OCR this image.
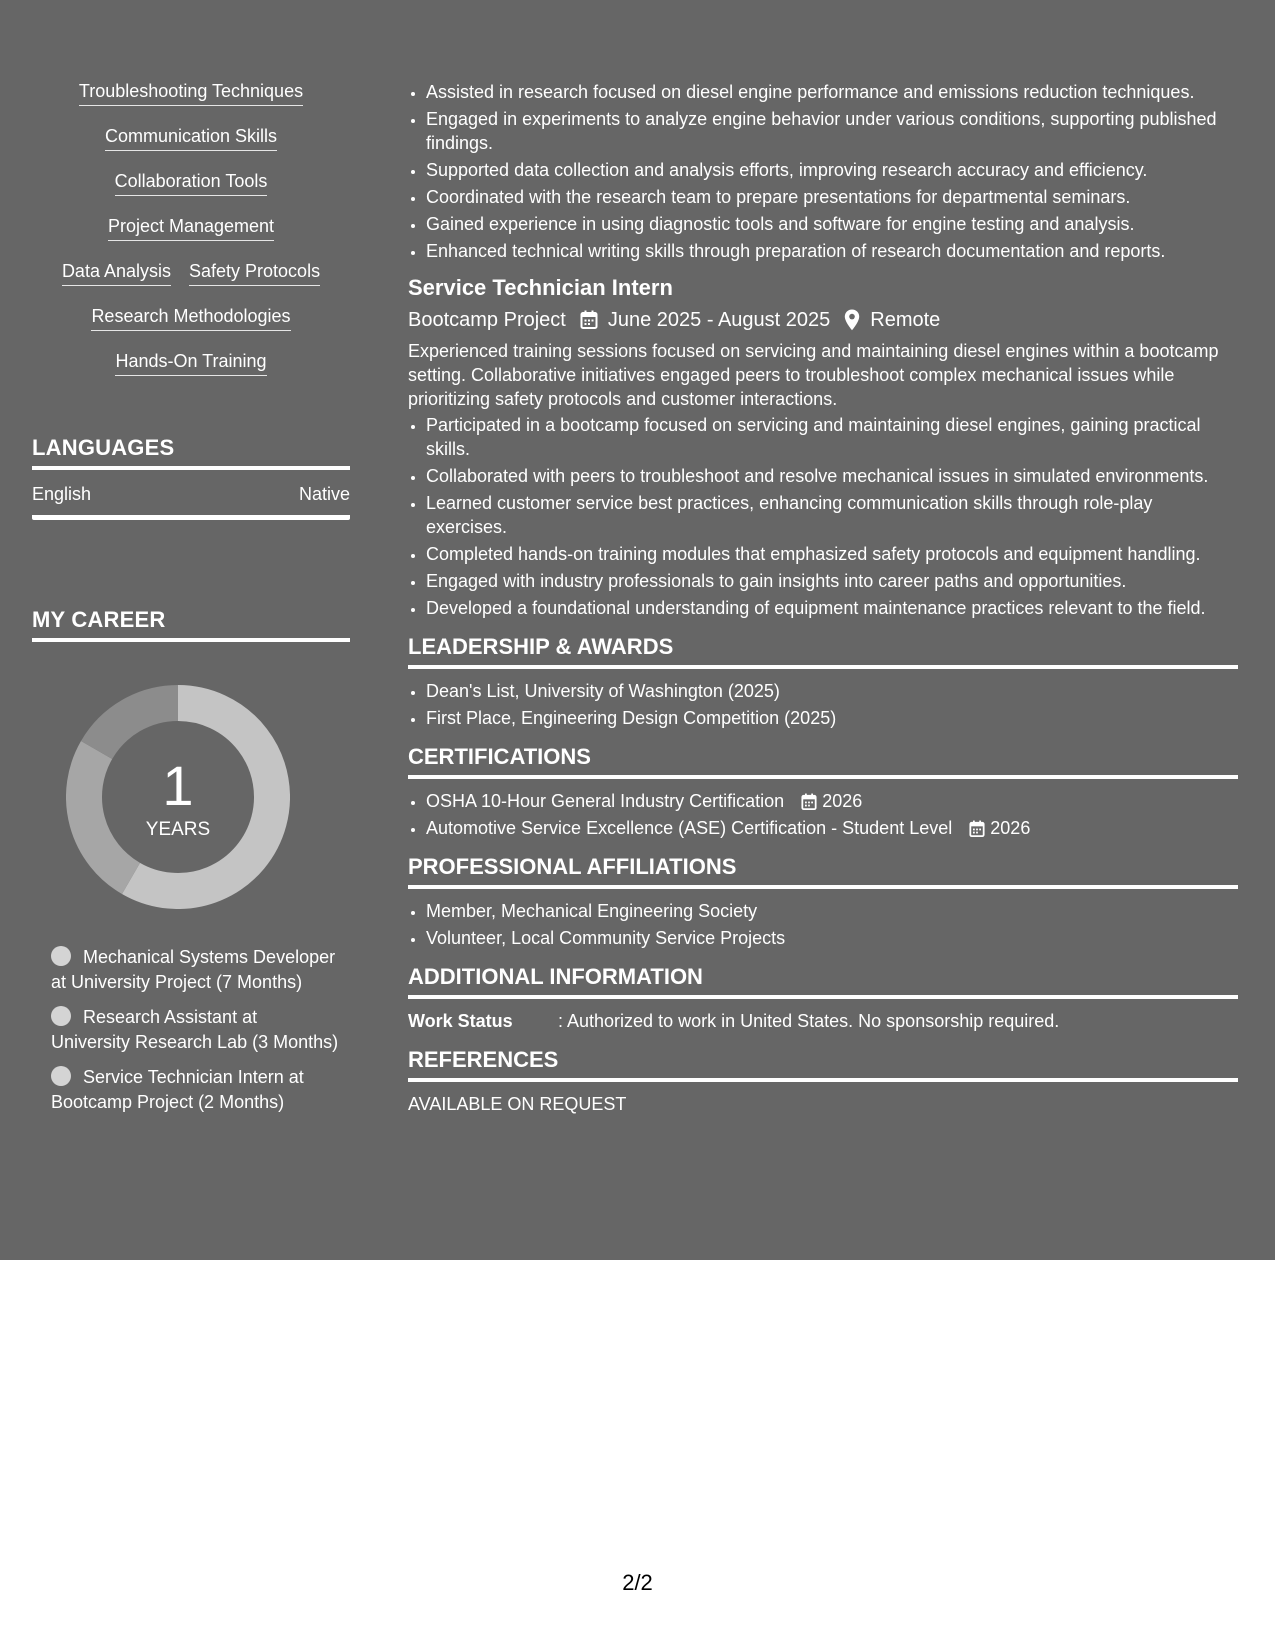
Troubleshooting Techniques
Communication Skills
Collaboration Tools
Project Management
Data Analysis Safety Protocols
Research Methodologies
Hands-On Training
LANGUAGES
English	Native
MY CAREER
1
YEARS
Mechanical Systems Developer at University Project (7 Months)
Research Assistant at University Research Lab (3 Months)
Service Technician Intern at Bootcamp Project (2 Months)
• Assisted in research focused on diesel engine performance and emissions reduction techniques.
• Engaged in experiments to analyze engine behavior under various conditions, supporting published findings.
• Supported data collection and analysis efforts, improving research accuracy and efficiency.
• Coordinated with the research team to prepare presentations for departmental seminars.
• Gained experience in using diagnostic tools and software for engine testing and analysis.
• Enhanced technical writing skills through preparation of research documentation and reports.
Service Technician Intern
Bootcamp Project June 2025 - August 2025 Remote
Experienced training sessions focused on servicing and maintaining diesel engines within a bootcamp setting. Collaborative initiatives engaged peers to troubleshoot complex mechanical issues while prioritizing safety protocols and customer interactions.
• Participated in a bootcamp focused on servicing and maintaining diesel engines, gaining practical skills.
• Collaborated with peers to troubleshoot and resolve mechanical issues in simulated environments.
• Learned customer service best practices, enhancing communication skills through role-play exercises.
• Completed hands-on training modules that emphasized safety protocols and equipment handling.
• Engaged with industry professionals to gain insights into career paths and opportunities.
• Developed a foundational understanding of equipment maintenance practices relevant to the field.
LEADERSHIP & AWARDS
• Dean's List, University of Washington (2025)
• First Place, Engineering Design Competition (2025)
CERTIFICATIONS
• OSHA 10-Hour General Industry Certification 2026
• Automotive Service Excellence (ASE) Certification - Student Level 2026
PROFESSIONAL AFFILIATIONS
• Member, Mechanical Engineering Society
• Volunteer, Local Community Service Projects
ADDITIONAL INFORMATION
Work Status	: Authorized to work in United States. No sponsorship required.
REFERENCES
AVAILABLE ON REQUEST
2/2
